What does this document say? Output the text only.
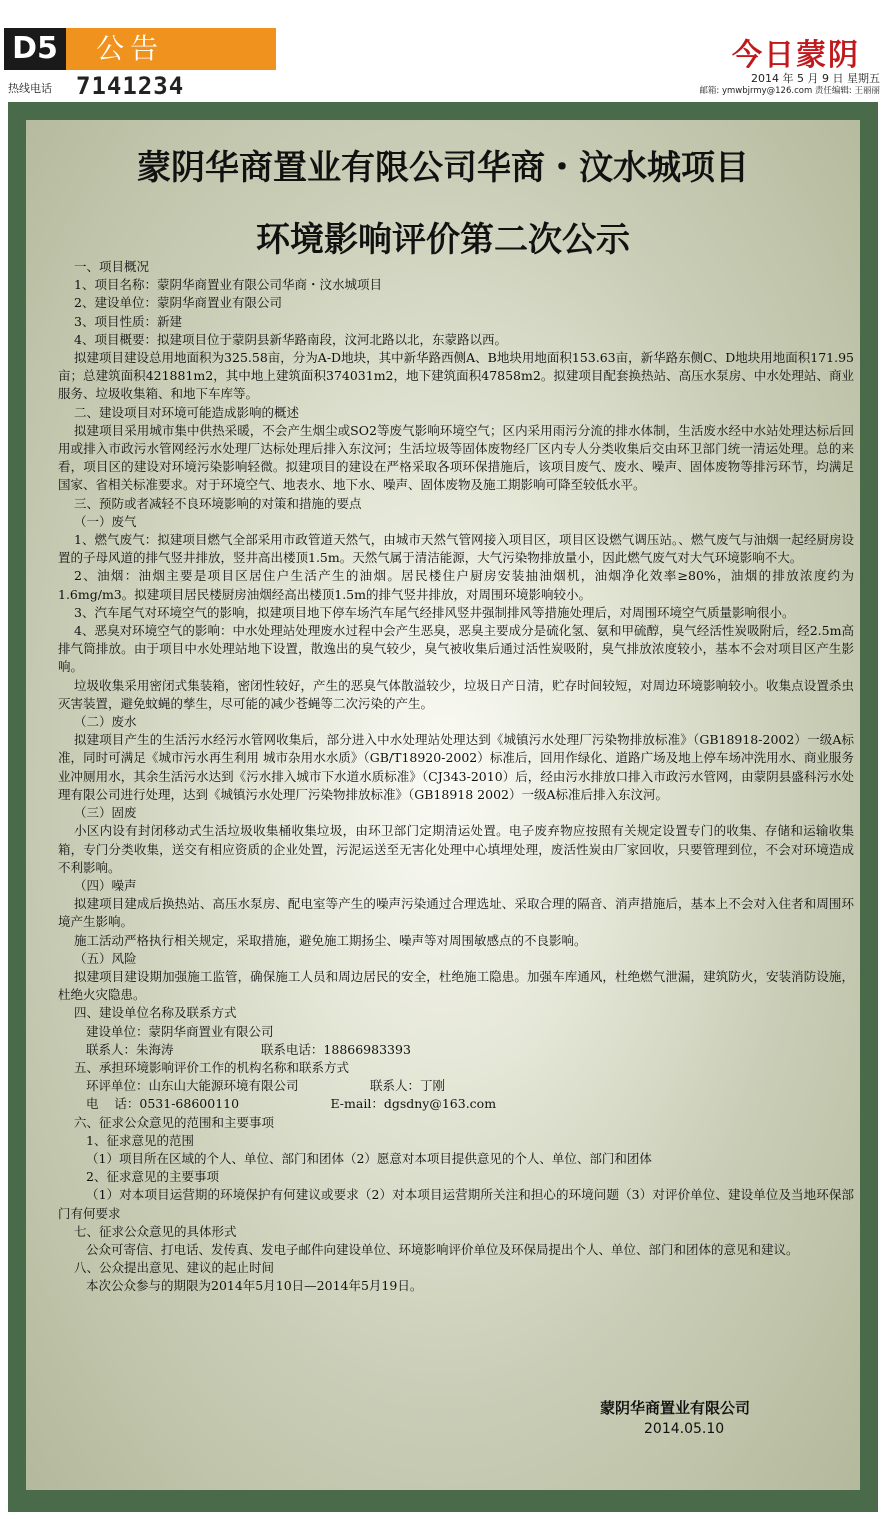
D5 公告
热线电话 7141234
今日蒙阴
2014 年 5 月 9 日 星期五
邮箱: ymwbjrmy@126.com 责任编辑: 王丽丽
蒙阴华商置业有限公司华商・汶水城项目
环境影响评价第二次公示

一、项目概况

1、项目名称：蒙阴华商置业有限公司华商・汶水城项目

2、建设单位：蒙阴华商置业有限公司

3、项目性质：新建

4、项目概要：拟建项目位于蒙阴县新华路南段，汶河北路以北，东蒙路以西。

拟建项目建设总用地面积为325.58亩，分为A-D地块，其中新华路西侧A、B地块用地面积153.63亩，新华路东侧C、D地块用地面积171.95亩；总建筑面积421881m2，其中地上建筑面积374031m2，地下建筑面积47858m2。拟建项目配套换热站、高压水泵房、中水处理站、商业服务、垃圾收集箱、和地下车库等。

二、建设项目对环境可能造成影响的概述

拟建项目采用城市集中供热采暖，不会产生烟尘或SO2等废气影响环境空气；区内采用雨污分流的排水体制，生活废水经中水站处理达标后回用或排入市政污水管网经污水处理厂达标处理后排入东汶河；生活垃圾等固体废物经厂区内专人分类收集后交由环卫部门统一清运处理。总的来看，项目区的建设对环境污染影响轻微。拟建项目的建设在严格采取各项环保措施后，该项目废气、废水、噪声、固体废物等排污环节，均满足国家、省相关标准要求。对于环境空气、地表水、地下水、噪声、固体废物及施工期影响可降至较低水平。

三、预防或者减轻不良环境影响的对策和措施的要点

（一）废气

1、燃气废气：拟建项目燃气全部采用市政管道天然气，由城市天然气管网接入项目区，项目区设燃气调压站。、燃气废气与油烟一起经厨房设置的子母风道的排气竖井排放，竖井高出楼顶1.5m。天然气属于清洁能源，大气污染物排放量小，因此燃气废气对大气环境影响不大。

2、油烟：油烟主要是项目区居住户生活产生的油烟。居民楼住户厨房安装抽油烟机，油烟净化效率≥80%，油烟的排放浓度约为1.6mg/m3。拟建项目居民楼厨房油烟经高出楼顶1.5m的排气竖井排放，对周围环境影响较小。

3、汽车尾气对环境空气的影响，拟建项目地下停车场汽车尾气经排风竖井强制排风等措施处理后，对周围环境空气质量影响很小。

4、恶臭对环境空气的影响：中水处理站处理废水过程中会产生恶臭，恶臭主要成分是硫化氢、氨和甲硫醇，臭气经活性炭吸附后，经2.5m高排气筒排放。由于项目中水处理站地下设置，散逸出的臭气较少，臭气被收集后通过活性炭吸附，臭气排放浓度较小，基本不会对项目区产生影响。

垃圾收集采用密闭式集装箱，密闭性较好，产生的恶臭气体散溢较少，垃圾日产日清，贮存时间较短，对周边环境影响较小。收集点设置杀虫灭害装置，避免蚊蝇的孳生，尽可能的减少苍蝇等二次污染的产生。

（二）废水

拟建项目产生的生活污水经污水管网收集后，部分进入中水处理站处理达到《城镇污水处理厂污染物排放标准》（GB18918-2002）一级A标准，同时可满足《城市污水再生利用 城市杂用水水质》（GB/T18920-2002）标准后，回用作绿化、道路广场及地上停车场冲洗用水、商业服务业冲厕用水，其余生活污水达到《污水排入城市下水道水质标准》（CJ343-2010）后，经由污水排放口排入市政污水管网，由蒙阴县盛科污水处理有限公司进行处理，达到《城镇污水处理厂污染物排放标准》（GB18918 2002）一级A标准后排入东汶河。

（三）固废

小区内设有封闭移动式生活垃圾收集桶收集垃圾，由环卫部门定期清运处置。电子废弃物应按照有关规定设置专门的收集、存储和运输收集箱，专门分类收集，送交有相应资质的企业处置，污泥运送至无害化处理中心填埋处理，废活性炭由厂家回收，只要管理到位，不会对环境造成不利影响。

（四）噪声

拟建项目建成后换热站、高压水泵房、配电室等产生的噪声污染通过合理选址、采取合理的隔音、消声措施后，基本上不会对入住者和周围环境产生影响。

施工活动严格执行相关规定，采取措施，避免施工期扬尘、噪声等对周围敏感点的不良影响。

（五）风险

拟建项目建设期加强施工监管，确保施工人员和周边居民的安全，杜绝施工隐患。加强车库通风，杜绝燃气泄漏，建筑防火，安装消防设施，杜绝火灾隐患。

四、建设单位名称及联系方式

建设单位：蒙阴华商置业有限公司

联系人：朱海涛                      联系电话：18866983393

五、承担环境影响评价工作的机构名称和联系方式

环评单位：山东山大能源环境有限公司                  联系人：丁刚

电    话：0531-68600110                       E-mail：dgsdny@163.com

六、征求公众意见的范围和主要事项

1、征求意见的范围

（1）项目所在区域的个人、单位、部门和团体（2）愿意对本项目提供意见的个人、单位、部门和团体

2、征求意见的主要事项

（1）对本项目运营期的环境保护有何建议或要求（2）对本项目运营期所关注和担心的环境问题（3）对评价单位、建设单位及当地环保部门有何要求

七、征求公众意见的具体形式

公众可寄信、打电话、发传真、发电子邮件向建设单位、环境影响评价单位及环保局提出个人、单位、部门和团体的意见和建议。

八、公众提出意见、建议的起止时间

本次公众参与的期限为2014年5月10日—2014年5月19日。

蒙阴华商置业有限公司
2014.05.10
